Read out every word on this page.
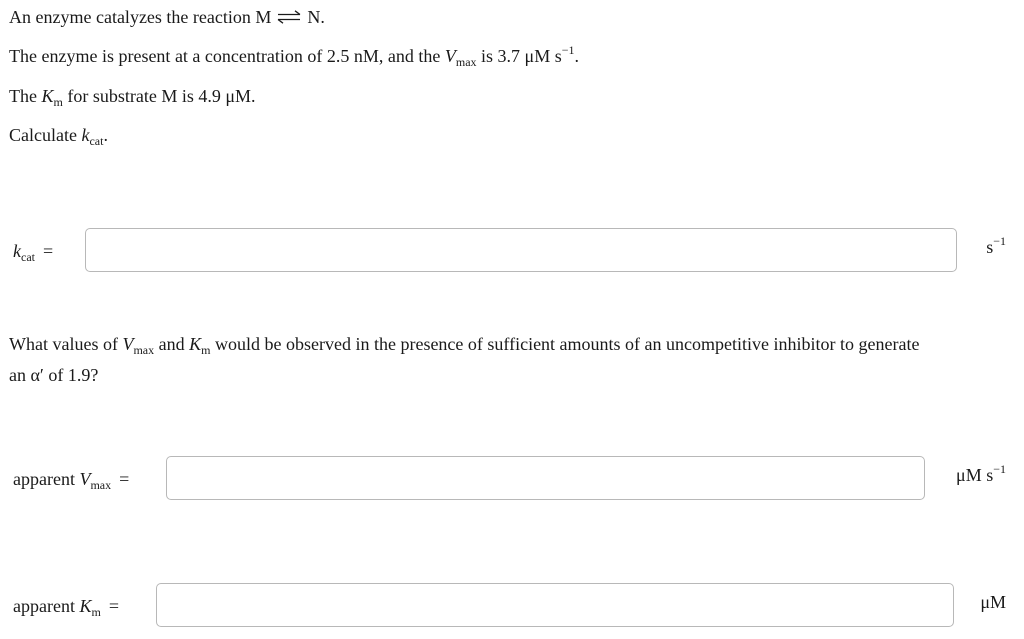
An enzyme catalyzes the reaction M ⇌ N.
The enzyme is present at a concentration of 2.5 nM, and the $V_{max}$ is 3.7 μM $s^{-1}$.
The $K_m$ for substrate M is 4.9 μM.
Calculate $k_{cat}$.
$k_{cat}$ =	$s^{-1}$
What values of $V_{max}$ and $K_m$ would be observed in the presence of sufficient amounts of an uncompetitive inhibitor to generate
an α′ of 1.9?
apparent $V_{max}$ =	μM $s^{-1}$
apparent $K_m$ =	μM
